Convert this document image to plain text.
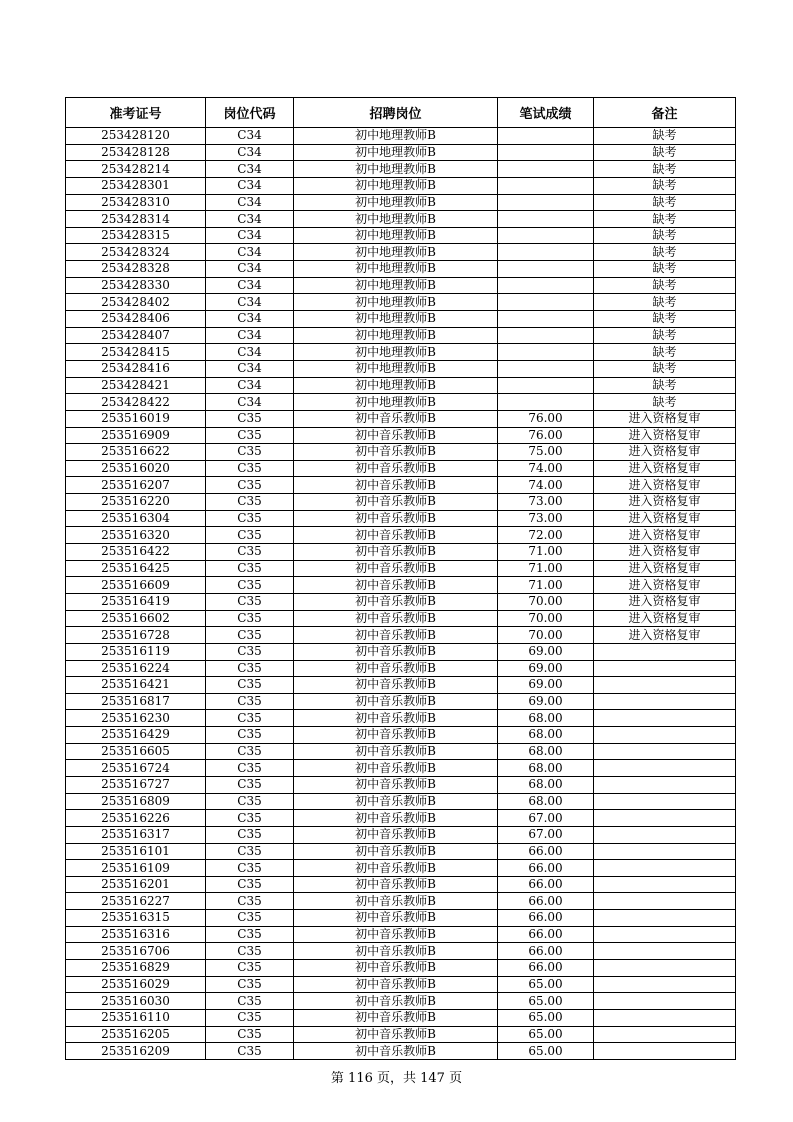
准考证号	岗位代码	招聘岗位	笔试成绩	备注
253428120	C34	初中地理教师B		缺考
253428128	C34	初中地理教师B		缺考
253428214	C34	初中地理教师B		缺考
253428301	C34	初中地理教师B		缺考
253428310	C34	初中地理教师B		缺考
253428314	C34	初中地理教师B		缺考
253428315	C34	初中地理教师B		缺考
253428324	C34	初中地理教师B		缺考
253428328	C34	初中地理教师B		缺考
253428330	C34	初中地理教师B		缺考
253428402	C34	初中地理教师B		缺考
253428406	C34	初中地理教师B		缺考
253428407	C34	初中地理教师B		缺考
253428415	C34	初中地理教师B		缺考
253428416	C34	初中地理教师B		缺考
253428421	C34	初中地理教师B		缺考
253428422	C34	初中地理教师B		缺考
253516019	C35	初中音乐教师B	76.00	进入资格复审
253516909	C35	初中音乐教师B	76.00	进入资格复审
253516622	C35	初中音乐教师B	75.00	进入资格复审
253516020	C35	初中音乐教师B	74.00	进入资格复审
253516207	C35	初中音乐教师B	74.00	进入资格复审
253516220	C35	初中音乐教师B	73.00	进入资格复审
253516304	C35	初中音乐教师B	73.00	进入资格复审
253516320	C35	初中音乐教师B	72.00	进入资格复审
253516422	C35	初中音乐教师B	71.00	进入资格复审
253516425	C35	初中音乐教师B	71.00	进入资格复审
253516609	C35	初中音乐教师B	71.00	进入资格复审
253516419	C35	初中音乐教师B	70.00	进入资格复审
253516602	C35	初中音乐教师B	70.00	进入资格复审
253516728	C35	初中音乐教师B	70.00	进入资格复审
253516119	C35	初中音乐教师B	69.00	
253516224	C35	初中音乐教师B	69.00	
253516421	C35	初中音乐教师B	69.00	
253516817	C35	初中音乐教师B	69.00	
253516230	C35	初中音乐教师B	68.00	
253516429	C35	初中音乐教师B	68.00	
253516605	C35	初中音乐教师B	68.00	
253516724	C35	初中音乐教师B	68.00	
253516727	C35	初中音乐教师B	68.00	
253516809	C35	初中音乐教师B	68.00	
253516226	C35	初中音乐教师B	67.00	
253516317	C35	初中音乐教师B	67.00	
253516101	C35	初中音乐教师B	66.00	
253516109	C35	初中音乐教师B	66.00	
253516201	C35	初中音乐教师B	66.00	
253516227	C35	初中音乐教师B	66.00	
253516315	C35	初中音乐教师B	66.00	
253516316	C35	初中音乐教师B	66.00	
253516706	C35	初中音乐教师B	66.00	
253516829	C35	初中音乐教师B	66.00	
253516029	C35	初中音乐教师B	65.00	
253516030	C35	初中音乐教师B	65.00	
253516110	C35	初中音乐教师B	65.00	
253516205	C35	初中音乐教师B	65.00	
253516209	C35	初中音乐教师B	65.00	
第 116 页，共 147 页
